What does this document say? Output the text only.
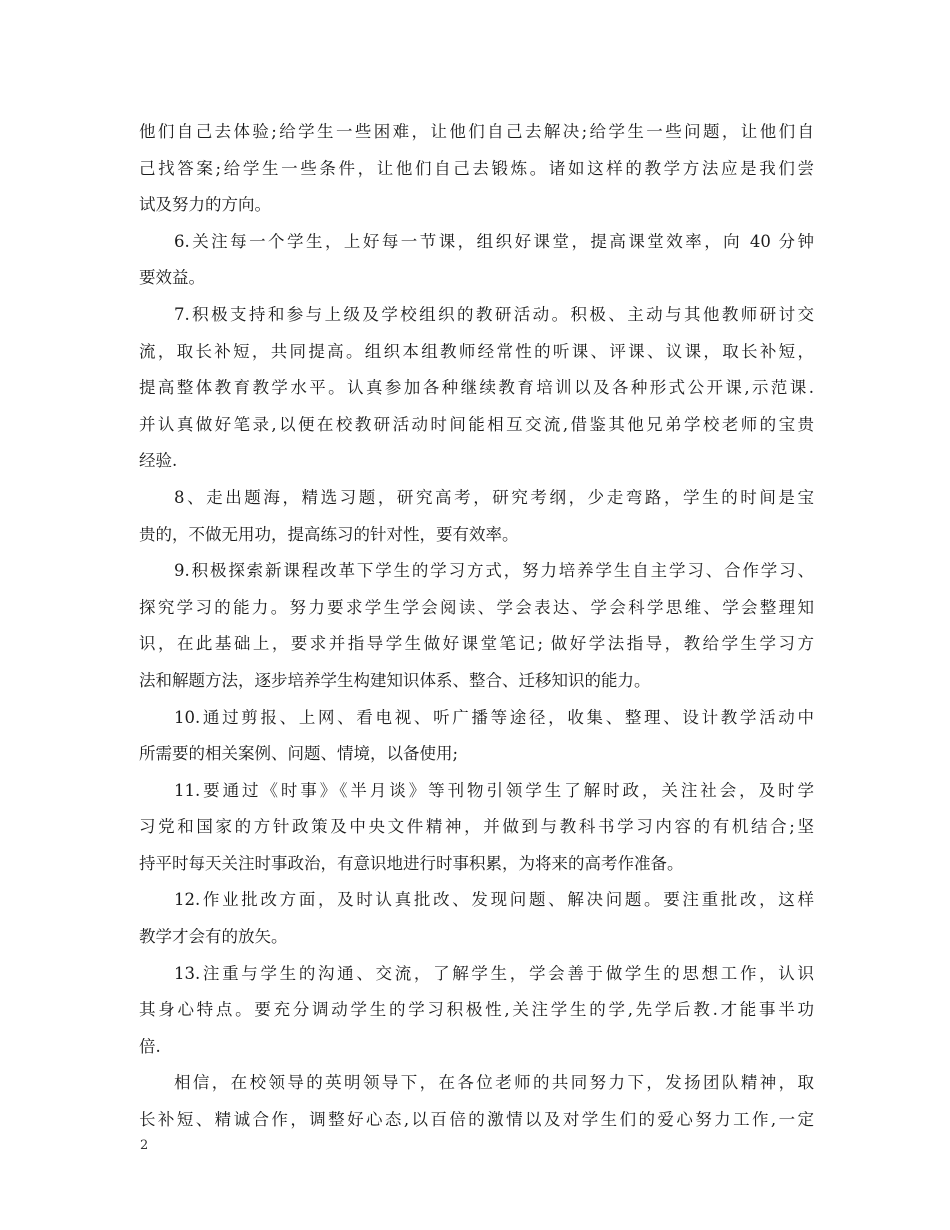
他们自己去体验;给学生一些困难，让他们自己去解决;给学生一些问题，让他们自
己找答案;给学生一些条件，让他们自己去锻炼。诸如这样的教学方法应是我们尝
试及努力的方向。
6.关注每一个学生，上好每一节课，组织好课堂，提高课堂效率，向 40 分钟
要效益。
7.积极支持和参与上级及学校组织的教研活动。积极、主动与其他教师研讨交
流，取长补短，共同提高。组织本组教师经常性的听课、评课、议课，取长补短，
提高整体教育教学水平。认真参加各种继续教育培训以及各种形式公开课,示范课.
并认真做好笔录,以便在校教研活动时间能相互交流,借鉴其他兄弟学校老师的宝贵
经验.
8、走出题海，精选习题，研究高考，研究考纲，少走弯路，学生的时间是宝
贵的，不做无用功，提高练习的针对性，要有效率。
9.积极探索新课程改革下学生的学习方式，努力培养学生自主学习、合作学习、
探究学习的能力。努力要求学生学会阅读、学会表达、学会科学思维、学会整理知
识，在此基础上，要求并指导学生做好课堂笔记; 做好学法指导，教给学生学习方
法和解题方法，逐步培养学生构建知识体系、整合、迁移知识的能力。
10.通过剪报、上网、看电视、听广播等途径，收集、整理、设计教学活动中
所需要的相关案例、问题、情境，以备使用;
11.要通过《时事》《半月谈》等刊物引领学生了解时政，关注社会，及时学
习党和国家的方针政策及中央文件精神，并做到与教科书学习内容的有机结合;坚
持平时每天关注时事政治，有意识地进行时事积累，为将来的高考作准备。
12.作业批改方面，及时认真批改、发现问题、解决问题。要注重批改，这样
教学才会有的放矢。
13.注重与学生的沟通、交流，了解学生，学会善于做学生的思想工作，认识
其身心特点。要充分调动学生的学习积极性,关注学生的学,先学后教.才能事半功
倍.
相信，在校领导的英明领导下，在各位老师的共同努力下，发扬团队精神，取
长补短、精诚合作，调整好心态,以百倍的激情以及对学生们的爱心努力工作,一定
2
